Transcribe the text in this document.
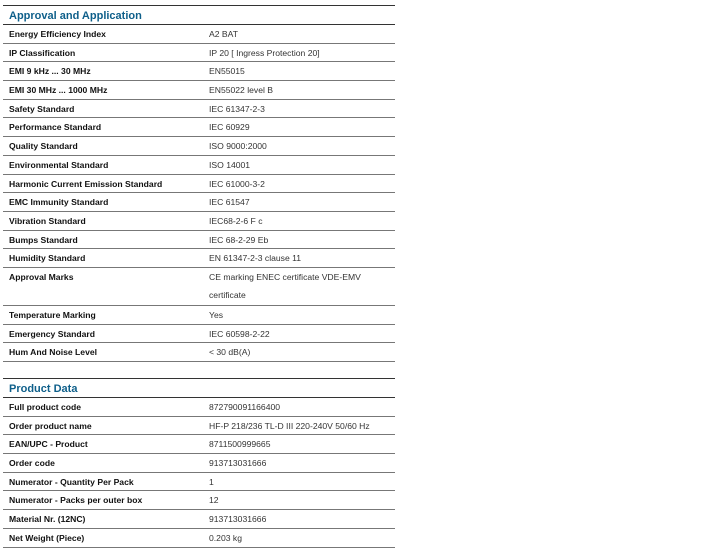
Approval and Application
Energy Efficiency Index	A2 BAT
IP Classification	IP 20 [ Ingress Protection 20]
EMI 9 kHz ... 30 MHz	EN55015
EMI 30 MHz ... 1000 MHz	EN55022 level B
Safety Standard	IEC 61347-2-3
Performance Standard	IEC 60929
Quality Standard	ISO 9000:2000
Environmental Standard	ISO 14001
Harmonic Current Emission Standard	IEC 61000-3-2
EMC Immunity Standard	IEC 61547
Vibration Standard	IEC68-2-6 F c
Bumps Standard	IEC 68-2-29 Eb
Humidity Standard	EN 61347-2-3 clause 11
Approval Marks	CE marking ENEC certificate VDE-EMV certificate
Temperature Marking	Yes
Emergency Standard	IEC 60598-2-22
Hum And Noise Level	< 30 dB(A)
Product Data
Full product code	872790091166400
Order product name	HF-P 218/236 TL-D III 220-240V 50/60 Hz
EAN/UPC - Product	8711500999665
Order code	913713031666
Numerator - Quantity Per Pack	1
Numerator - Packs per outer box	12
Material Nr. (12NC)	913713031666
Net Weight (Piece)	0.203 kg
